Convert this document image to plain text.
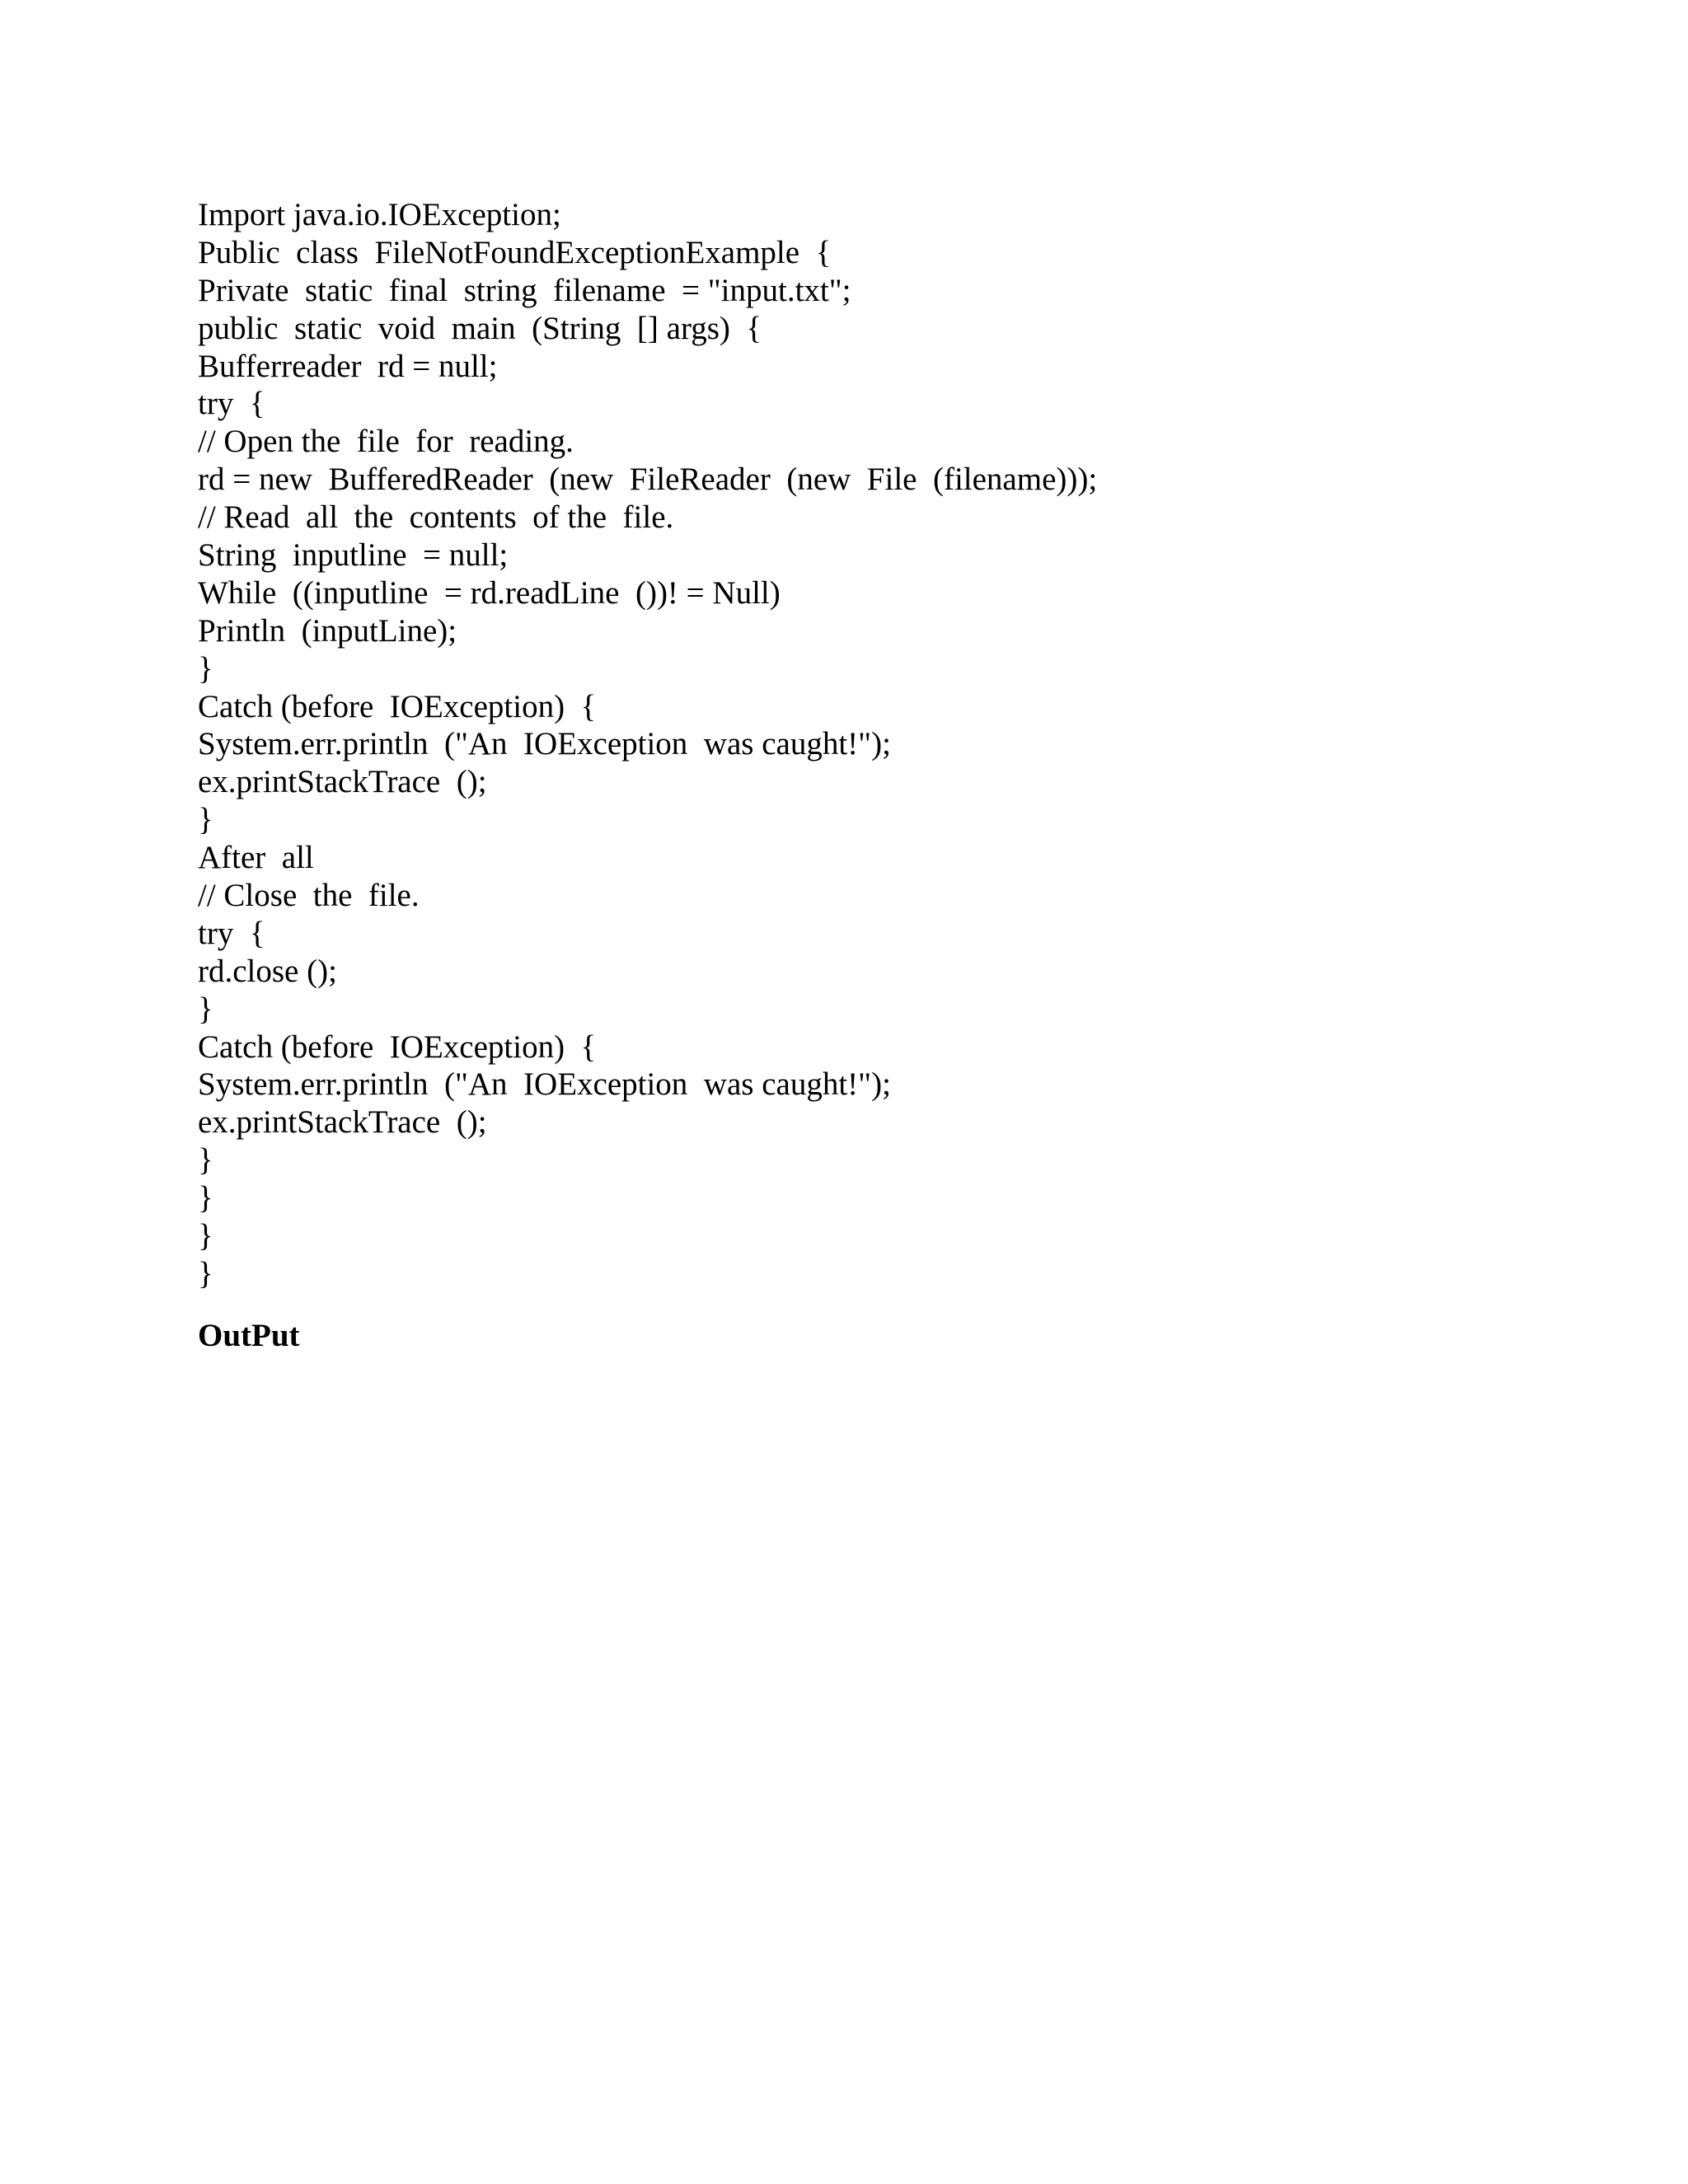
Import java.io.IOException;
Public  class  FileNotFoundExceptionExample  {
Private  static  final  string  filename  = "input.txt";
public  static  void  main  (String  [] args)  {
Bufferreader  rd = null;
try  {
// Open the  file  for  reading.
rd = new  BufferedReader  (new  FileReader  (new  File  (filename)));
// Read  all  the  contents  of the  file.
String  inputline  = null;
While  ((inputline  = rd.readLine  ())! = Null)
Println  (inputLine);
}
Catch (before  IOException)  {
System.err.println  ("An  IOException  was caught!");
ex.printStackTrace  ();
}
After  all
// Close  the  file.
try  {
rd.close ();
}
Catch (before  IOException)  {
System.err.println  ("An  IOException  was caught!");
ex.printStackTrace  ();
}
}
}
}
OutPut
